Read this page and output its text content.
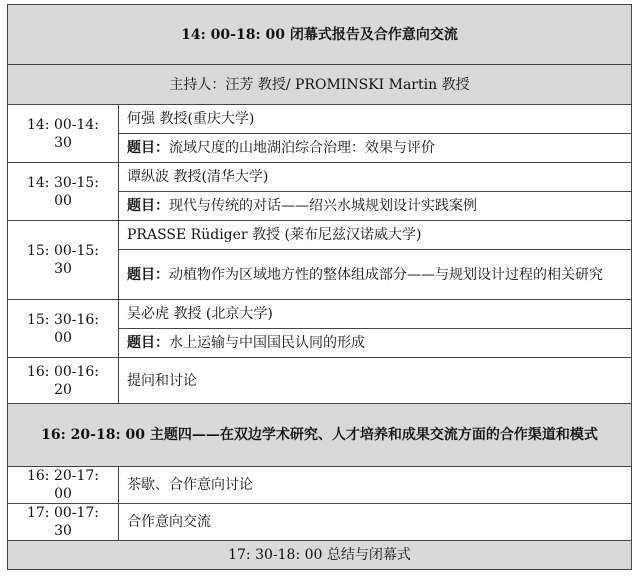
14: 00-18: 00 闭幕式报告及合作意向交流	
主持人：汪芳 教授/ PROMINSKI Martin 教授	
14: 00-14: 30	何强 教授(重庆大学)
	题目：流域尺度的山地湖泊综合治理：效果与评价
14: 30-15: 00	谭纵波 教授(清华大学)
	题目：现代与传统的对话——绍兴水城规划设计实践案例
15: 00-15: 30	PRASSE Rüdiger 教授 (莱布尼兹汉诺威大学)

	题目：动植物作为区域地方性的整体组成部分——与规划设计过程的相关研究

15: 30-16: 00	吴必虎 教授 (北京大学)
	题目：水上运输与中国国民认同的形成
16: 00-16: 20	提问和讨论
16: 20-18: 00 主题四——在双边学术研究、人才培养和成果交流方面的合作渠道和模式	
16: 20-17: 00	茶歇、合作意向讨论
17: 00-17: 30	合作意向交流
17: 30-18: 00 总结与闭幕式	
